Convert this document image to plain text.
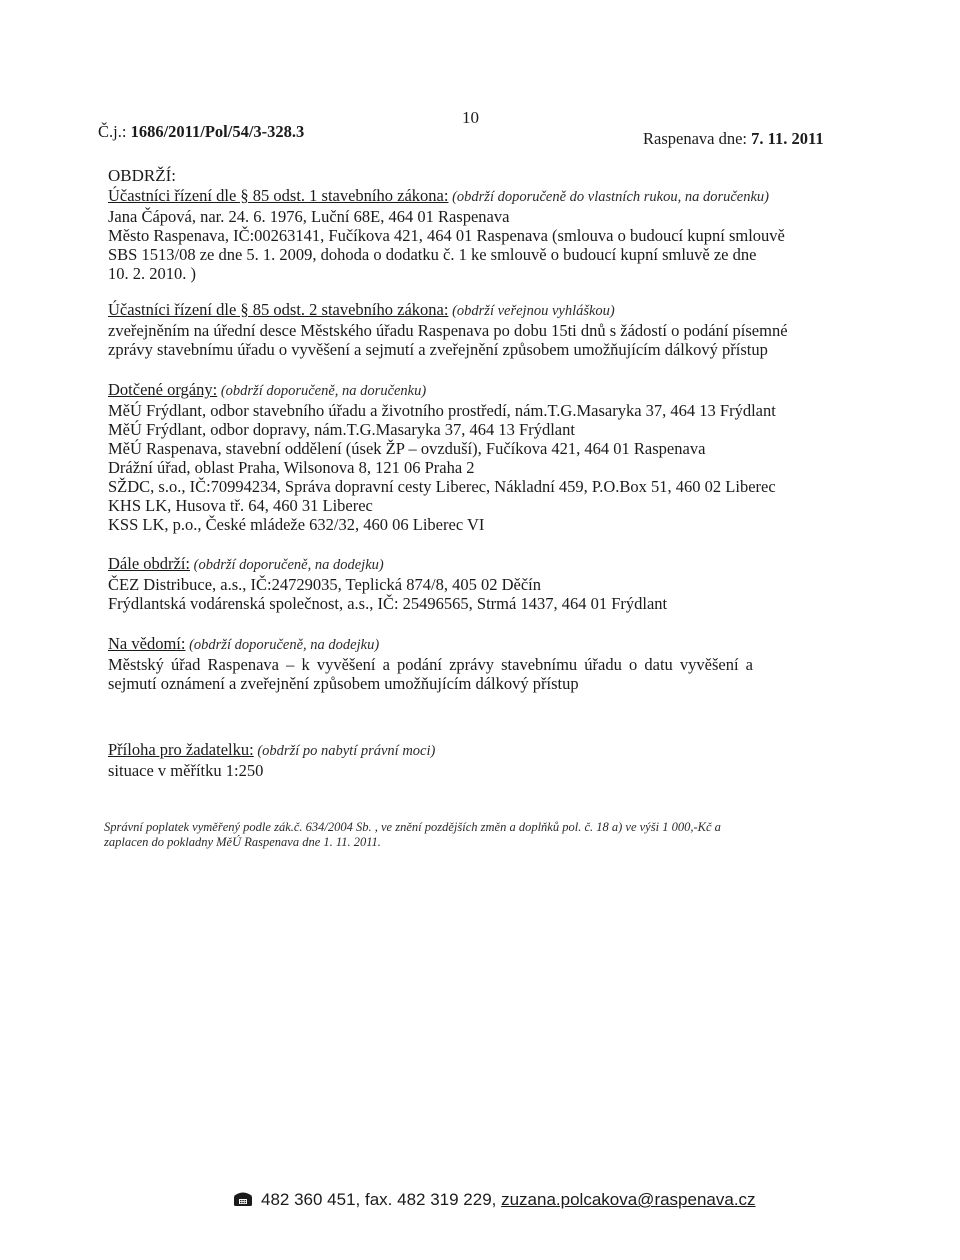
10
Č.j.: 1686/2011/Pol/54/3-328.3	Raspenava dne: 7. 11. 2011
OBDRŽÍ:
Účastníci řízení dle § 85 odst. 1 stavebního zákona: (obdrží doporučeně do vlastních rukou, na doručenku)
Jana Čápová, nar. 24. 6. 1976, Luční 68E, 464 01 Raspenava
Město Raspenava, IČ:00263141, Fučíkova 421, 464 01 Raspenava (smlouva o budoucí kupní smlouvě
SBS 1513/08 ze dne 5. 1. 2009, dohoda o dodatku č. 1 ke smlouvě o budoucí kupní smluvě ze dne
10. 2. 2010. )
Účastníci řízení dle § 85 odst. 2 stavebního zákona: (obdrží veřejnou vyhláškou)
zveřejněním na úřední desce Městského úřadu Raspenava po dobu 15ti dnů s žádostí o podání písemné
zprávy stavebnímu úřadu o vyvěšení a sejmutí a zveřejnění způsobem umožňujícím dálkový přístup
Dotčené orgány: (obdrží doporučeně, na doručenku)
MěÚ Frýdlant, odbor stavebního úřadu a životního prostředí, nám.T.G.Masaryka 37, 464 13 Frýdlant
MěÚ Frýdlant, odbor dopravy, nám.T.G.Masaryka 37, 464 13 Frýdlant
MěÚ Raspenava, stavební oddělení (úsek ŽP – ovzduší), Fučíkova 421, 464 01 Raspenava
Drážní úřad, oblast Praha, Wilsonova 8, 121 06 Praha 2
SŽDC, s.o., IČ:70994234, Správa dopravní cesty Liberec, Nákladní 459, P.O.Box 51, 460 02 Liberec
KHS LK, Husova tř. 64, 460 31 Liberec
KSS LK, p.o., České mládeže 632/32, 460 06 Liberec VI
Dále obdrží: (obdrží doporučeně, na dodejku)
ČEZ Distribuce, a.s., IČ:24729035, Teplická 874/8, 405 02 Děčín
Frýdlantská vodárenská společnost, a.s., IČ: 25496565, Strmá 1437, 464 01 Frýdlant
Na vědomí: (obdrží doporučeně, na dodejku)
Městský úřad Raspenava – k vyvěšení a podání zprávy stavebnímu úřadu o datu vyvěšení a
sejmutí oznámení a zveřejnění způsobem umožňujícím dálkový přístup
Příloha pro žadatelku: (obdrží po nabytí právní moci)
situace v měřítku 1:250
Správní poplatek vyměřený podle zák.č. 634/2004 Sb. , ve znění pozdějších změn a doplňků pol. č. 18 a) ve výši 1 000,-Kč a
zaplacen do pokladny MěÚ Raspenava dne 1. 11. 2011.
482 360 451, fax. 482 319 229, zuzana.polcakova@raspenava.cz
